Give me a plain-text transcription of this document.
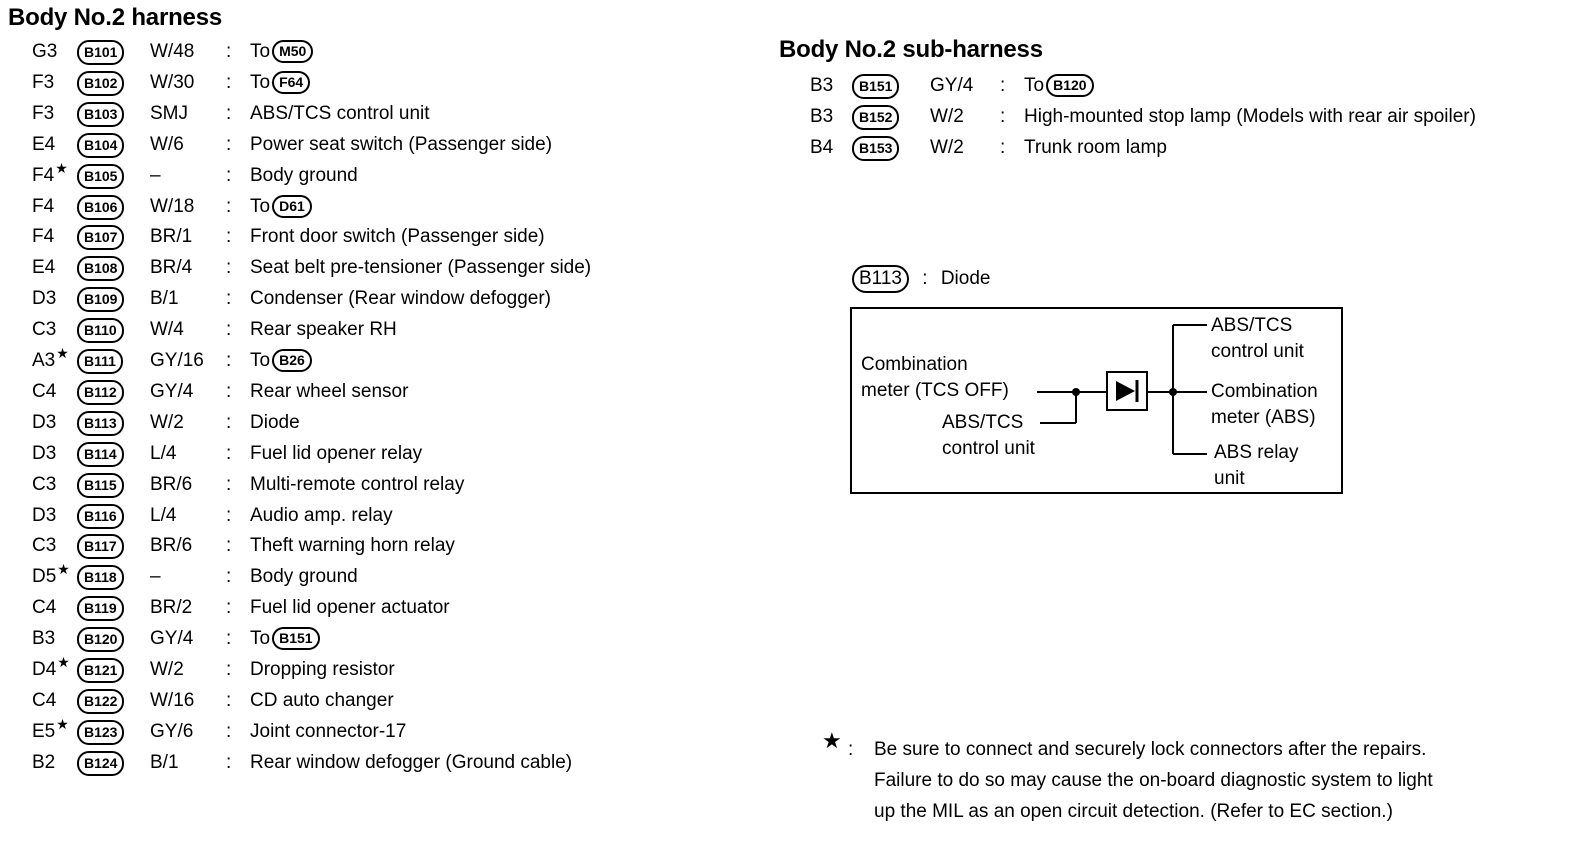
Body No.2 harness
Body No.2 sub-harness
G3	B101	W/48 : To M50
F3	B102	W/30 : To F64
F3	B103	SMJ : ABS/TCS control unit
E4	B104	W/6 : Power seat switch (Passenger side)
F4★	B105	–	: Body ground
F4	B106	W/18 : To D61
F4	B107	BR/1 : Front door switch (Passenger side)
E4	B108	BR/4 : Seat belt pre-tensioner (Passenger side)
D3	B109	B/1 : Condenser (Rear window defogger)
C3	B110	W/4 : Rear speaker RH
A3★	B111	GY/16 : To B26
C4	B112	GY/4 : Rear wheel sensor
D3	B113	W/2 : Diode
D3	B114	L/4	: Fuel lid opener relay
C3	B115	BR/6 : Multi-remote control relay
D3	B116	L/4	: Audio amp. relay
C3	B117	BR/6 : Theft warning horn relay
D5★	B118	–	: Body ground
C4	B119	BR/2 : Fuel lid opener actuator
B3	B120	GY/4 : To B151
D4★	B121	W/2 : Dropping resistor
C4	B122	W/16 : CD auto changer
E5★	B123	GY/6 : Joint connector-17
B2	B124	B/1 : Rear window defogger (Ground cable)
B3	B151	GY/4 : To B120
B3	B152	W/2 : High-mounted stop lamp (Models with rear air spoiler)
B4	B153	W/2 : Trunk room lamp
B113 : Diode
Combination
meter (TCS OFF)
ABS/TCS
control unit
ABS/TCS
control unit
Combination
meter (ABS)
ABS relay
unit
★ : Be sure to connect and securely lock connectors after the repairs.
Failure to do so may cause the on-board diagnostic system to light
up the MIL as an open circuit detection. (Refer to EC section.)
